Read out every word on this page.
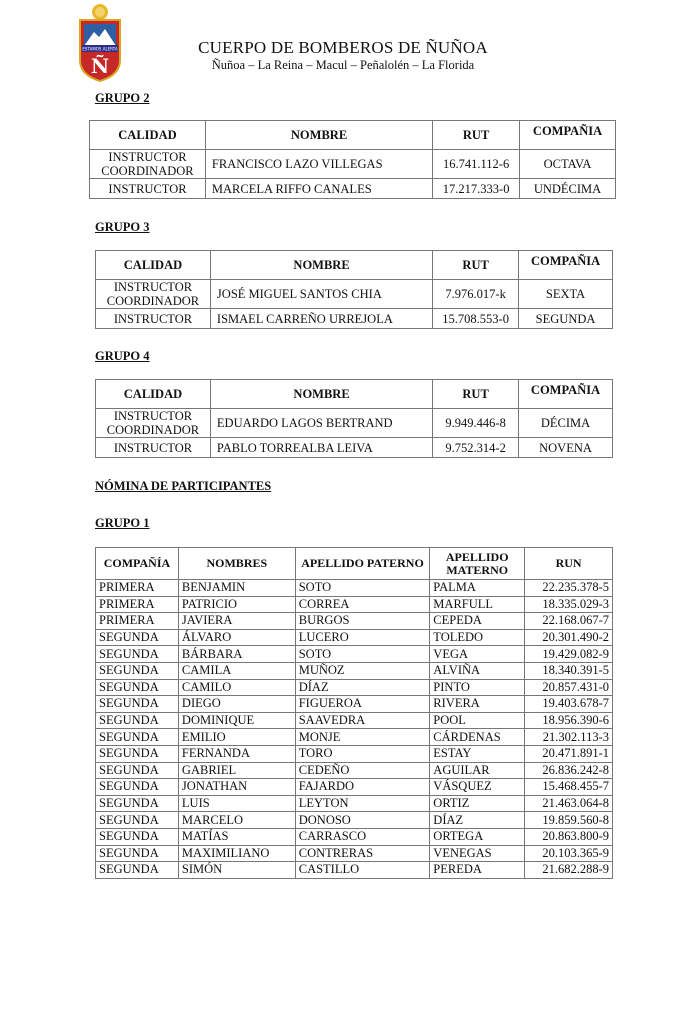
ESTAMOS ALERTA
Ñ
CUERPO DE BOMBEROS DE ÑUÑOA
Ñuñoa – La Reina – Macul – Peñalolén – La Florida
GRUPO 2
CALIDAD	NOMBRE	RUT	COMPAÑIA
INSTRUCTOR COORDINADOR	FRANCISCO LAZO VILLEGAS	16.741.112-6	OCTAVA
INSTRUCTOR	MARCELA RIFFO CANALES	17.217.333-0	UNDÉCIMA
GRUPO 3
CALIDAD	NOMBRE	RUT	COMPAÑIA
INSTRUCTOR COORDINADOR	JOSÉ MIGUEL SANTOS CHIA	7.976.017-k	SEXTA
INSTRUCTOR	ISMAEL CARREÑO URREJOLA	15.708.553-0	SEGUNDA
GRUPO 4
CALIDAD	NOMBRE	RUT	COMPAÑIA
INSTRUCTOR COORDINADOR	EDUARDO LAGOS BERTRAND	9.949.446-8	DÉCIMA
INSTRUCTOR	PABLO TORREALBA LEIVA	9.752.314-2	NOVENA
NÓMINA DE PARTICIPANTES
GRUPO 1
COMPAÑÍA	NOMBRES	APELLIDO PATERNO	APELLIDO MATERNO	RUN
PRIMERA	BENJAMIN	SOTO	PALMA	22.235.378-5
PRIMERA	PATRICIO	CORREA	MARFULL	18.335.029-3
PRIMERA	JAVIERA	BURGOS	CEPEDA	22.168.067-7
SEGUNDA	ÁLVARO	LUCERO	TOLEDO	20.301.490-2
SEGUNDA	BÁRBARA	SOTO	VEGA	19.429.082-9
SEGUNDA	CAMILA	MUÑOZ	ALVIÑA	18.340.391-5
SEGUNDA	CAMILO	DÍAZ	PINTO	20.857.431-0
SEGUNDA	DIEGO	FIGUEROA	RIVERA	19.403.678-7
SEGUNDA	DOMINIQUE	SAAVEDRA	POOL	18.956.390-6
SEGUNDA	EMILIO	MONJE	CÁRDENAS	21.302.113-3
SEGUNDA	FERNANDA	TORO	ESTAY	20.471.891-1
SEGUNDA	GABRIEL	CEDEÑO	AGUILAR	26.836.242-8
SEGUNDA	JONATHAN	FAJARDO	VÁSQUEZ	15.468.455-7
SEGUNDA	LUIS	LEYTON	ORTIZ	21.463.064-8
SEGUNDA	MARCELO	DONOSO	DÍAZ	19.859.560-8
SEGUNDA	MATÍAS	CARRASCO	ORTEGA	20.863.800-9
SEGUNDA	MAXIMILIANO	CONTRERAS	VENEGAS	20.103.365-9
SEGUNDA	SIMÓN	CASTILLO	PEREDA	21.682.288-9
